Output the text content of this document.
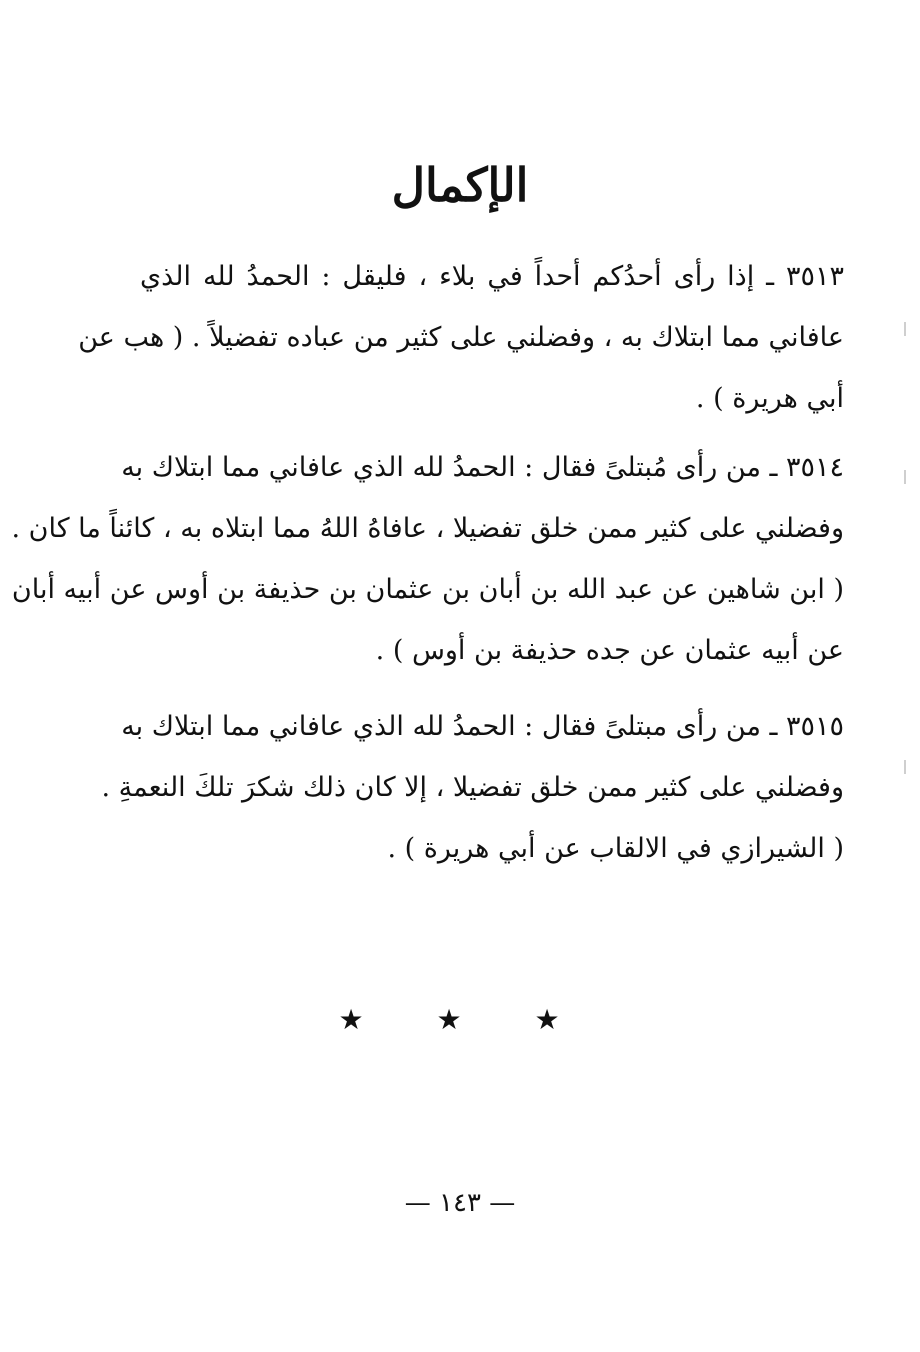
الإكمال
٣٥١٣ ـ إذا رأى أحدُكم أحداً في بلاء ، فليقل : الحمدُ لله الذي
عافاني مما ابتلاك به ، وفضلني على كثير من عباده تفضيلاً . ( هب عن
أبي هريرة ) .
٣٥١٤ ـ من رأى مُبتلىً فقال : الحمدُ لله الذي عافاني مما ابتلاك به
وفضلني على كثير ممن خلق تفضيلا ، عافاهُ اللهُ مما ابتلاه به ، كائناً ما كان .
( ابن شاهين عن عبد الله بن أبان بن عثمان بن حذيفة بن أوس عن أبيه أبان
عن أبيه عثمان عن جده حذيفة بن أوس ) .
٣٥١٥ ـ من رأى مبتلىً فقال : الحمدُ لله الذي عافاني مما ابتلاك به
وفضلني على كثير ممن خلق تفضيلا ، إلا كان ذلك شكرَ تلكَ النعمةِ .
( الشيرازي في الالقاب عن أبي هريرة ) .
★ ★ ★
— ١٤٣ —
